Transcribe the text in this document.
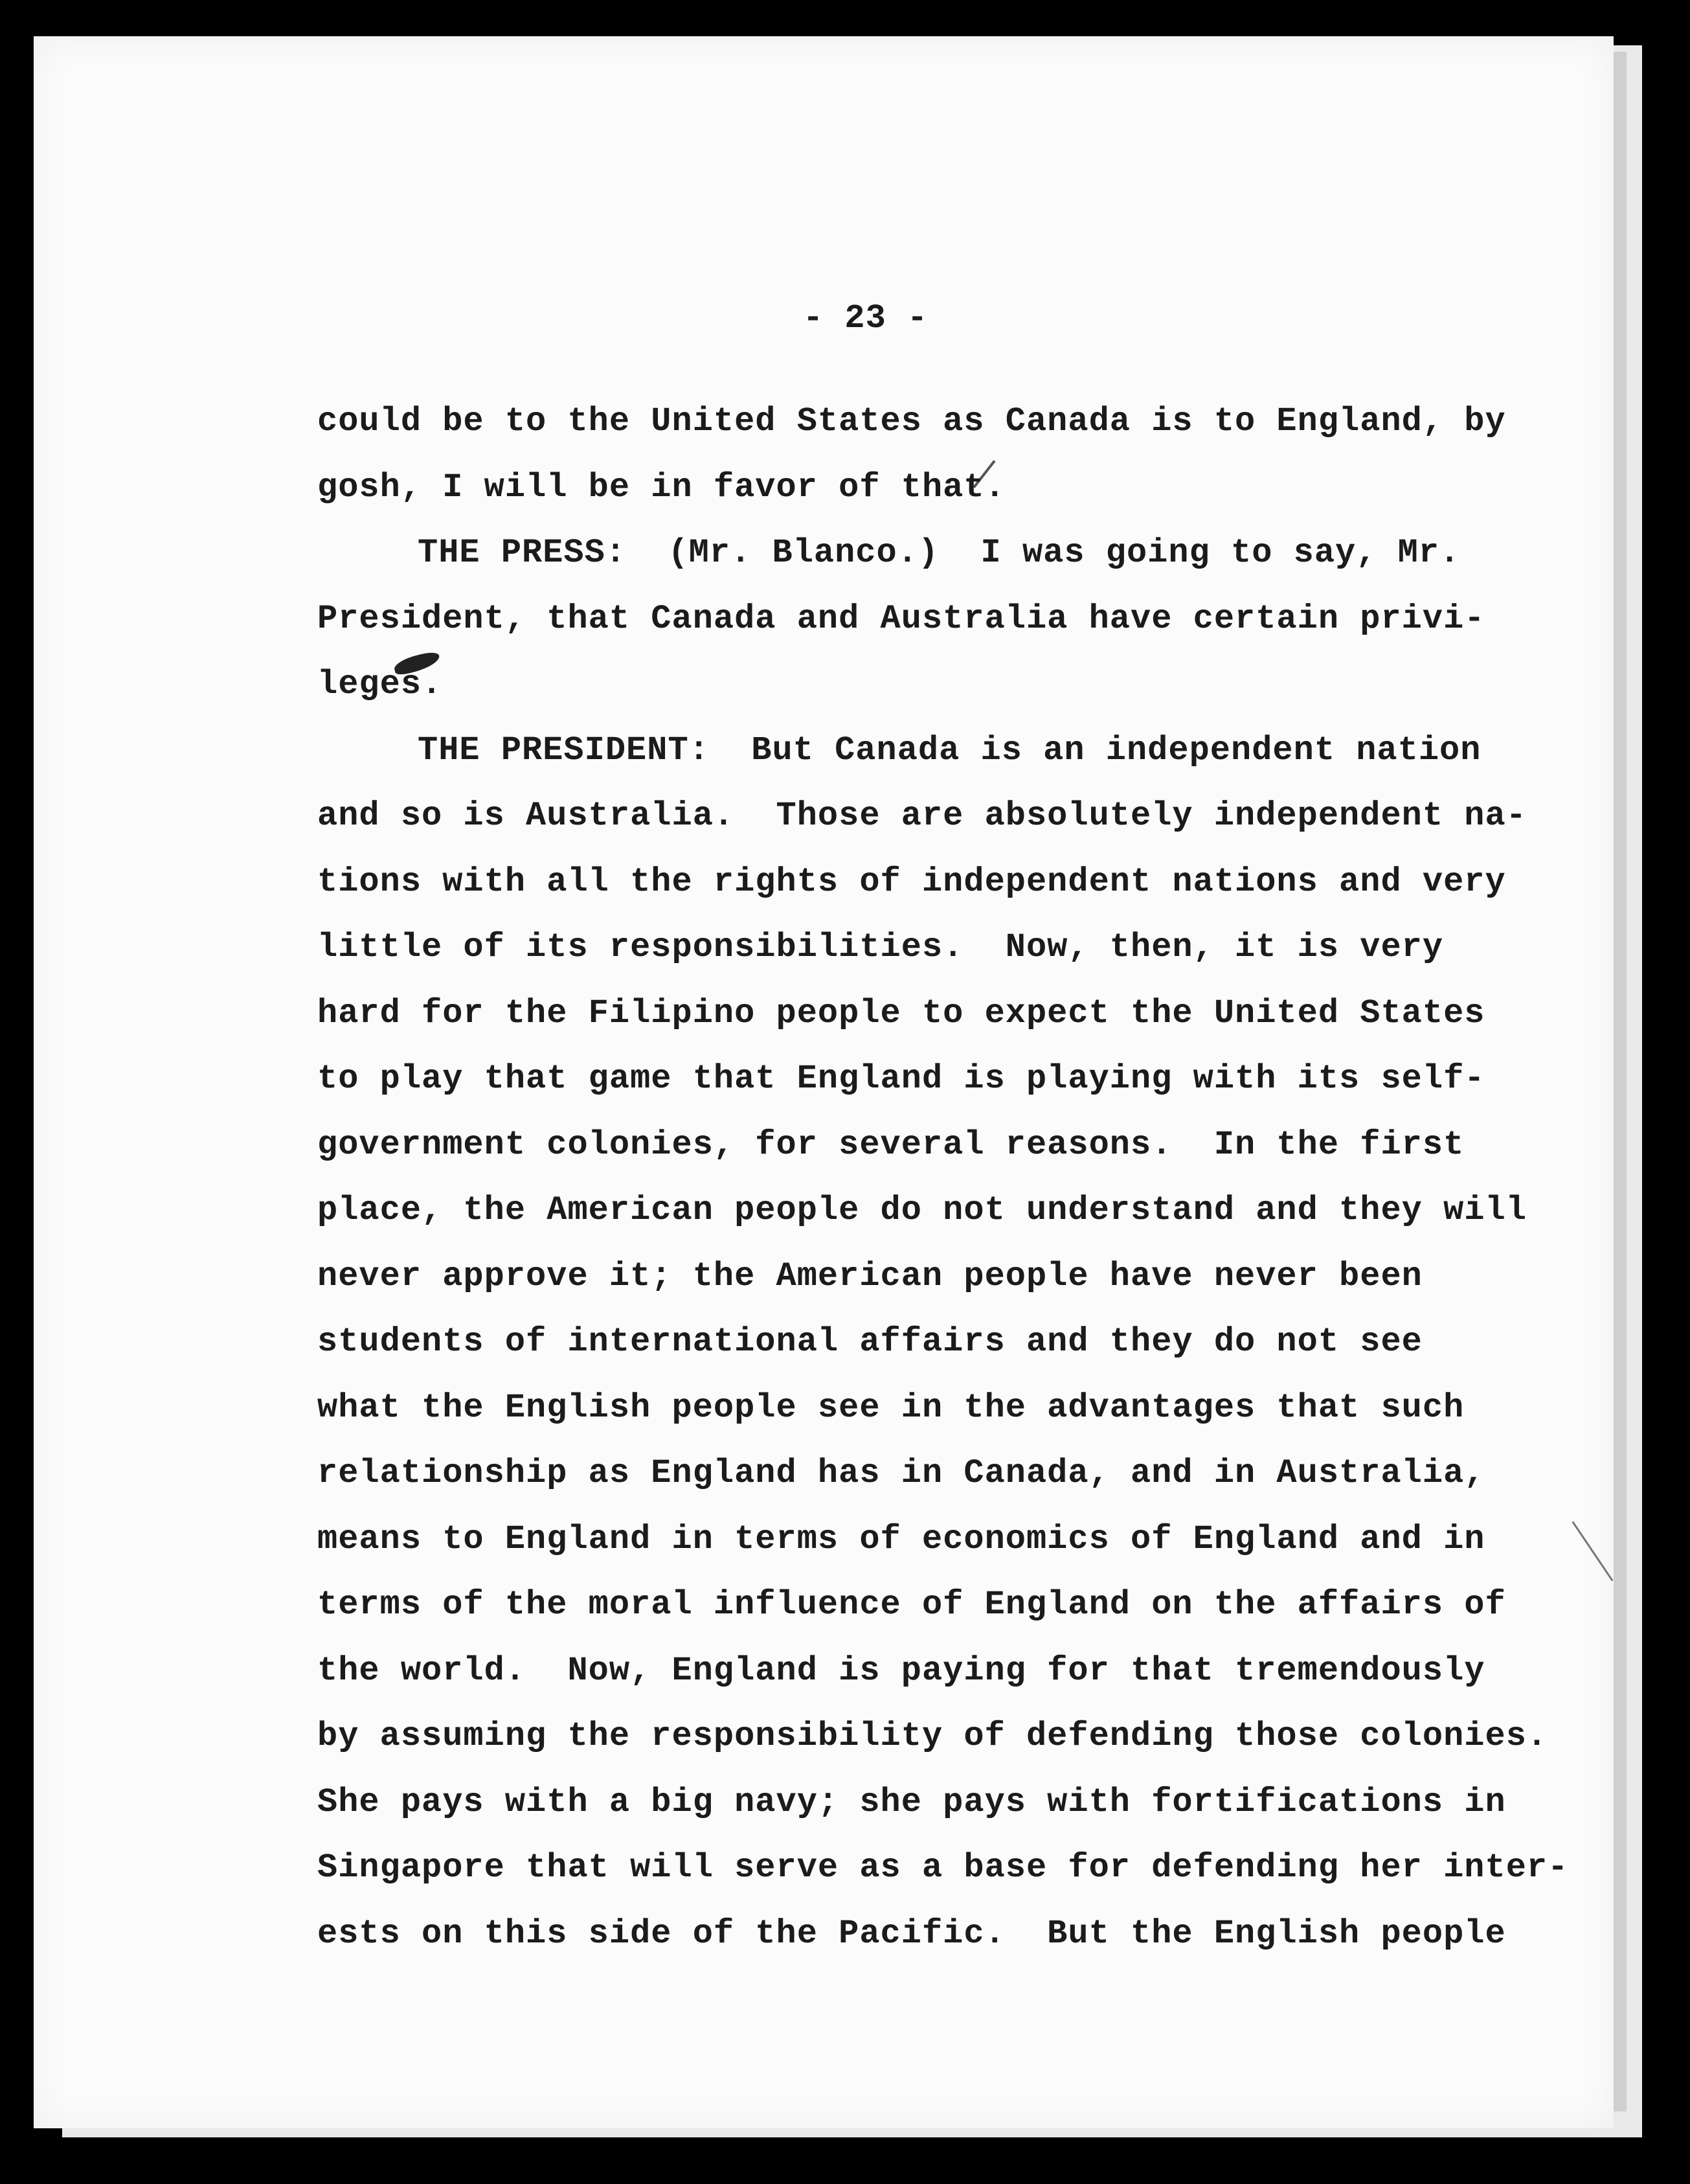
- 23 -
could be to the United States as Canada is to England, by
gosh, I will be in favor of that.
THE PRESS:  (Mr. Blanco.)  I was going to say, Mr.
President, that Canada and Australia have certain privi-
leges.
THE PRESIDENT:  But Canada is an independent nation
and so is Australia.  Those are absolutely independent na-
tions with all the rights of independent nations and very
little of its responsibilities.  Now, then, it is very
hard for the Filipino people to expect the United States
to play that game that England is playing with its self-
government colonies, for several reasons.  In the first
place, the American people do not understand and they will
never approve it; the American people have never been
students of international affairs and they do not see
what the English people see in the advantages that such
relationship as England has in Canada, and in Australia,
means to England in terms of economics of England and in
terms of the moral influence of England on the affairs of
the world.  Now, England is paying for that tremendously
by assuming the responsibility of defending those colonies.
She pays with a big navy; she pays with fortifications in
Singapore that will serve as a base for defending her inter-
ests on this side of the Pacific.  But the English people
